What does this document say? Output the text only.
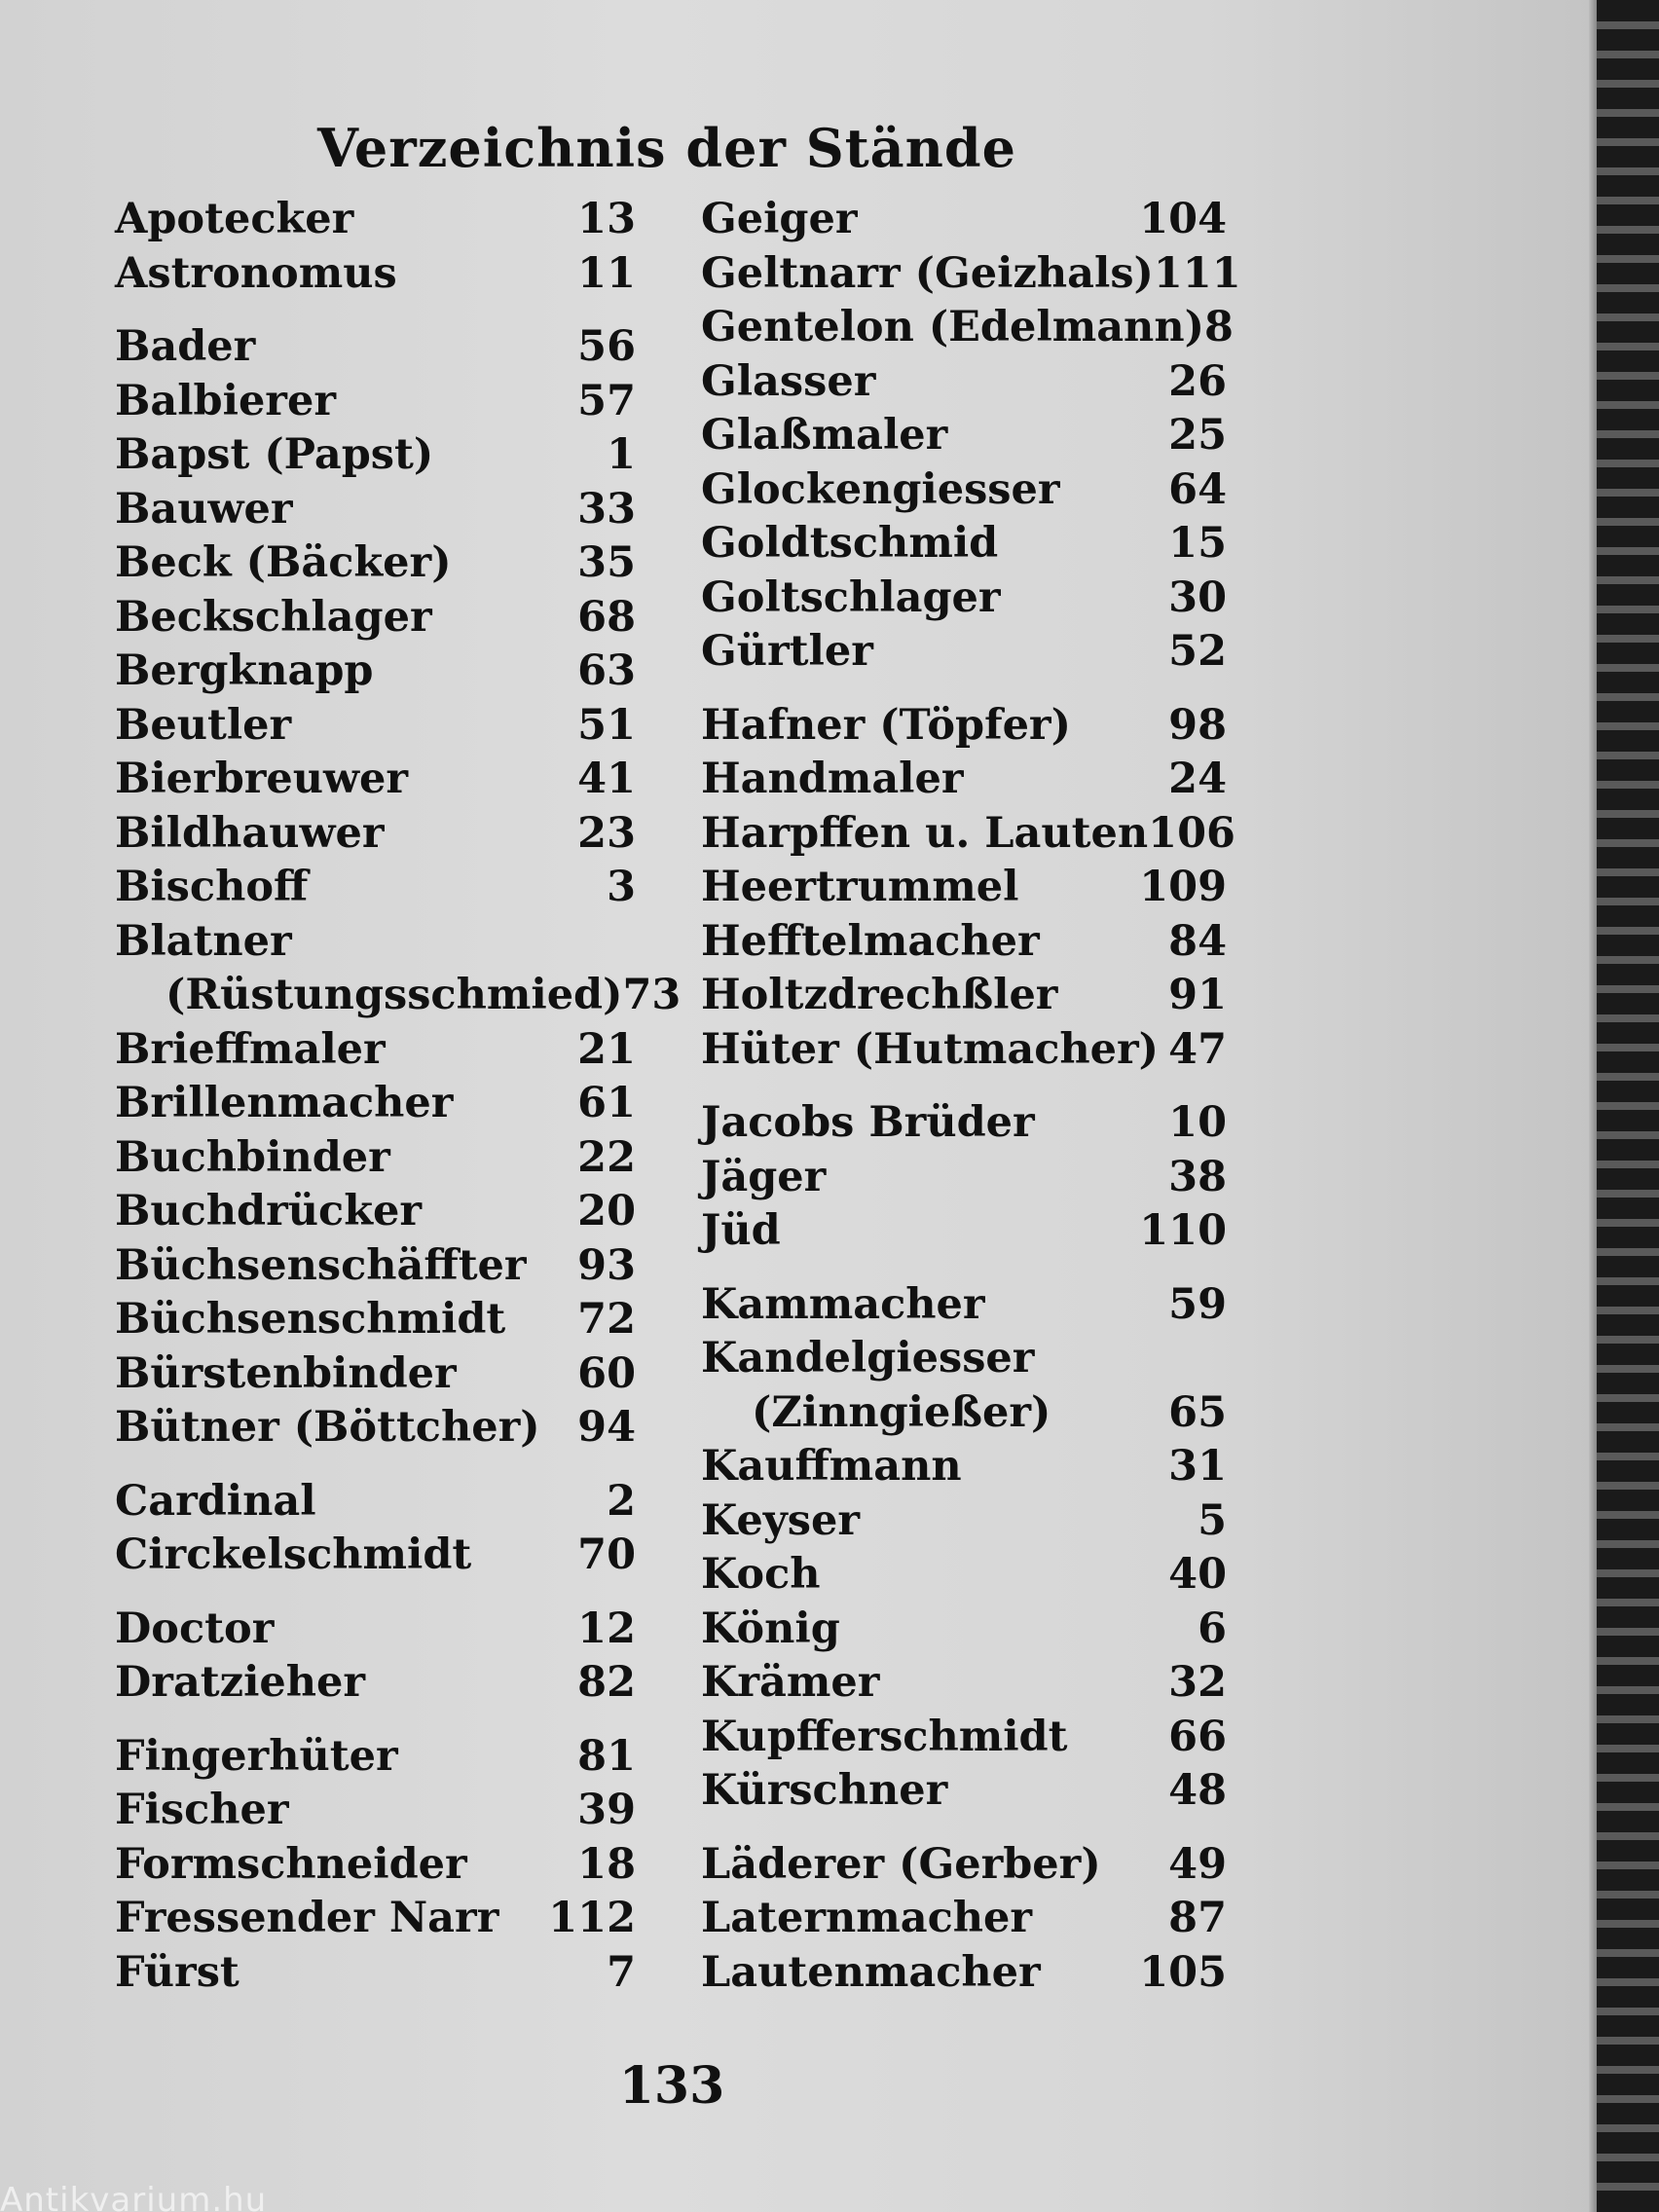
Verzeichnis der Stände
Apotecker	13
Astronomus	11
Bader	56
Balbierer	57
Bapst (Papst)	1
Bauwer	33
Beck (Bäcker)	35
Beckschlager	68
Bergknapp	63
Beutler	51
Bierbreuwer	41
Bildhauwer	23
Bischoff	3
Blatner
(Rüstungsschmied) 73
Brieffmaler	21
Brillenmacher	61
Buchbinder	22
Buchdrücker	20
Büchsenschäffter 93
Büchsenschmidt 72
Bürstenbinder	60
Bütner (Böttcher) 94
Cardinal	2
Circkelschmidt	70
Doctor	12
Dratzieher	82
Fingerhüter	81
Fischer	39
Formschneider	18
Fressender Narr 112
Fürst	7
Geiger	104
Geltnarr (Geizhals) 111
Gentelon (Edelmann) 8
Glasser	26
Glaßmaler	25
Glockengiesser	64
Goldtschmid	15
Goltschlager	30
Gürtler	52
Hafner (Töpfer) 98
Handmaler	24
Harpffen u. Lauten 106
Heertrummel	109
Hefftelmacher	84
Holtzdrechßler	91
Hüter (Hutmacher) 47
Jacobs Brüder	10
Jäger	38
Jüd	110
Kammacher	59
Kandelgiesser
(Zinngießer)	65
Kauffmann	31
Keyser	5
Koch	40
König	6
Krämer	32
Kupfferschmidt 66
Kürschner	48
Läderer (Gerber) 49
Laternmacher	87
Lautenmacher 105
133
Antikvarium.hu
